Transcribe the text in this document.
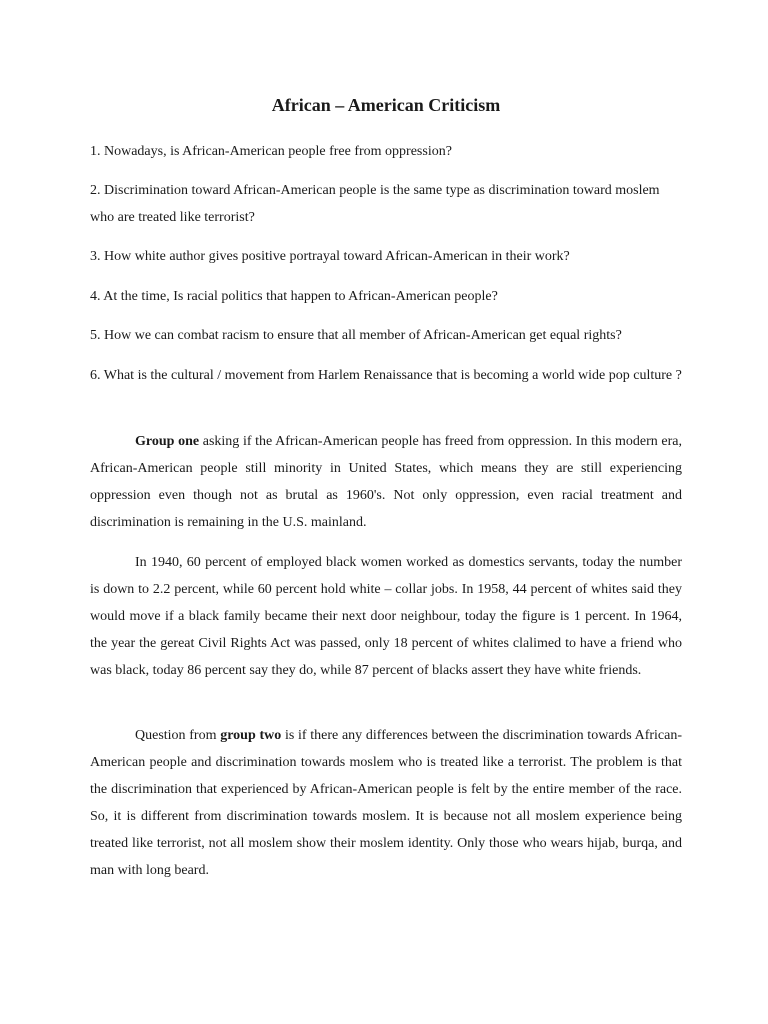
African – American Criticism

1. Nowadays, is African-American people free from oppression?

2. Discrimination toward African-American people is the same type as discrimination toward moslem who are treated like terrorist?

3. How white author gives positive portrayal toward African-American in their work?

4. At the time, Is racial politics that happen to African-American people?

5. How we can combat racism to ensure that all member of African-American get equal rights?

6. What is the cultural / movement from Harlem Renaissance that is becoming a world wide pop culture ?

Group one asking if the African-American people has freed from oppression. In this modern era, African-American people still minority in United States, which means they are still experiencing oppression even though not as brutal as 1960's. Not only oppression, even racial treatment and discrimination is remaining in the U.S. mainland.

In 1940, 60 percent of employed black women worked as domestics servants, today the number is down to 2.2 percent, while 60 percent hold white – collar jobs. In 1958, 44 percent of whites said they would move if a black family became their next door neighbour, today the figure is 1 percent. In 1964, the year the gereat Civil Rights Act was passed, only 18 percent of whites clalimed to have a friend who was black, today 86 percent say they do, while 87 percent of blacks assert they have white friends.

Question from group two is if there any differences between the discrimination towards African-American people and discrimination towards moslem who is treated like a terrorist. The problem is that the discrimination that experienced by African-American people is felt by the entire member of the race. So, it is different from discrimination towards moslem. It is because not all moslem experience being treated like terrorist, not all moslem show their moslem identity. Only those who wears hijab, burqa, and man with long beard.
